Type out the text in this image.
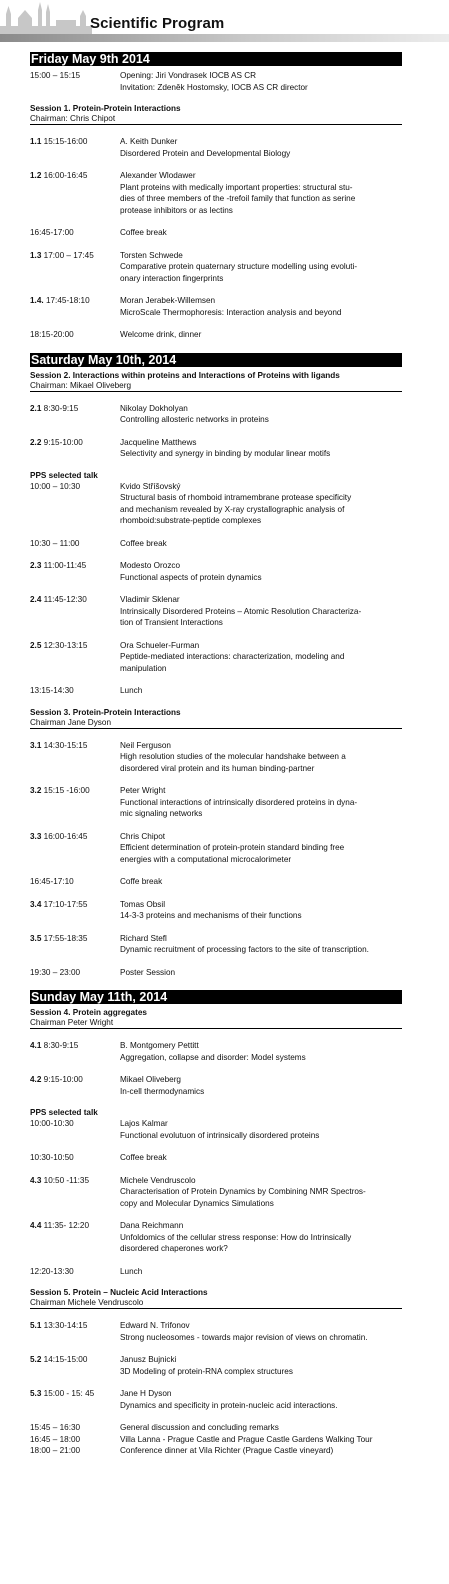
Scientific Program
Friday May 9th 2014
15:00 – 15:15	Opening: Jiri Vondrasek IOCB AS CR
Invitation: Zdeněk Hostomsky, IOCB AS CR director
Session 1. Protein-Protein Interactions
Chairman: Chris Chipot
1.1 15:15-16:00	A. Keith Dunker
Disordered Protein and Developmental Biology
1.2 16:00-16:45	Alexander Wlodawer
Plant proteins with medically important properties: structural stu-
dies of three members of the -trefoil family that function as serine
protease inhibitors or as lectins
16:45-17:00	Coffee break
1.3 17:00 – 17:45	Torsten Schwede
Comparative protein quaternary structure modelling using evoluti-
onary interaction fingerprints
1.4. 17:45-18:10	Moran Jerabek-Willemsen
MicroScale Thermophoresis: Interaction analysis and beyond
18:15-20:00	Welcome drink, dinner
Saturday May 10th, 2014
Session 2. Interactions within proteins and Interactions of Proteins with ligands
Chairman: Mikael Oliveberg
2.1 8:30-9:15	Nikolay Dokholyan
Controlling allosteric networks in proteins
2.2 9:15-10:00	Jacqueline Matthews
Selectivity and synergy in binding by modular linear motifs
PPS selected talk
10:00 – 10:30	Kvido Stříšovský
Structural basis of rhomboid intramembrane protease specificity
and mechanism revealed by X-ray crystallographic analysis of
rhomboid:substrate-peptide complexes
10:30 – 11:00	Coffee break
2.3 11:00-11:45	Modesto Orozco
Functional aspects of protein dynamics
2.4 11:45-12:30	Vladimir Sklenar
Intrinsically Disordered Proteins – Atomic Resolution Characteriza-
tion of Transient Interactions
2.5 12:30-13:15	Ora Schueler-Furman
Peptide-mediated interactions: characterization, modeling and
manipulation
13:15-14:30	Lunch
Session 3. Protein-Protein Interactions
Chairman Jane Dyson
3.1 14:30-15:15	Neil Ferguson
High resolution studies of the molecular handshake between a
disordered viral protein and its human binding-partner
3.2 15:15 -16:00	Peter Wright
Functional interactions of intrinsically disordered proteins in dyna-
mic signaling networks
3.3 16:00-16:45	Chris Chipot
Efficient determination of protein-protein standard binding free
energies with a computational microcalorimeter
16:45-17:10	Coffe break
3.4 17:10-17:55	Tomas Obsil
14-3-3 proteins and mechanisms of their functions
3.5 17:55-18:35	Richard Stefl
Dynamic recruitment of processing factors to the site of transcription.
19:30 – 23:00	Poster Session
Sunday May 11th, 2014
Session 4. Protein aggregates
Chairman Peter Wright
4.1 8:30-9:15	B. Montgomery Pettitt
Aggregation, collapse and disorder: Model systems
4.2 9:15-10:00	Mikael Oliveberg
In-cell thermodynamics
PPS selected talk
10:00-10:30	Lajos Kalmar
Functional evolutuon of intrinsically disordered proteins
10:30-10:50	Coffee break
4.3 10:50 -11:35	Michele Vendruscolo
Characterisation of Protein Dynamics by Combining NMR Spectros-
copy and Molecular Dynamics Simulations
4.4 11:35- 12:20	Dana Reichmann
Unfoldomics of the cellular stress response: How do Intrinsically
disordered chaperones work?
12:20-13:30	Lunch
Session 5. Protein – Nucleic Acid Interactions
Chairman Michele Vendruscolo
5.1 13:30-14:15	Edward N. Trifonov
Strong nucleosomes - towards major revision of views on chromatin.
5.2 14:15-15:00	Janusz Bujnicki
3D Modeling of protein-RNA complex structures
5.3 15:00 - 15: 45	Jane H Dyson
Dynamics and specificity in protein-nucleic acid interactions.
15:45 – 16:30	General discussion and concluding remarks
16:45 – 18:00	Villa Lanna - Prague Castle and Prague Castle Gardens Walking Tour
18:00 – 21:00	Conference dinner at Vila Richter (Prague Castle vineyard)
